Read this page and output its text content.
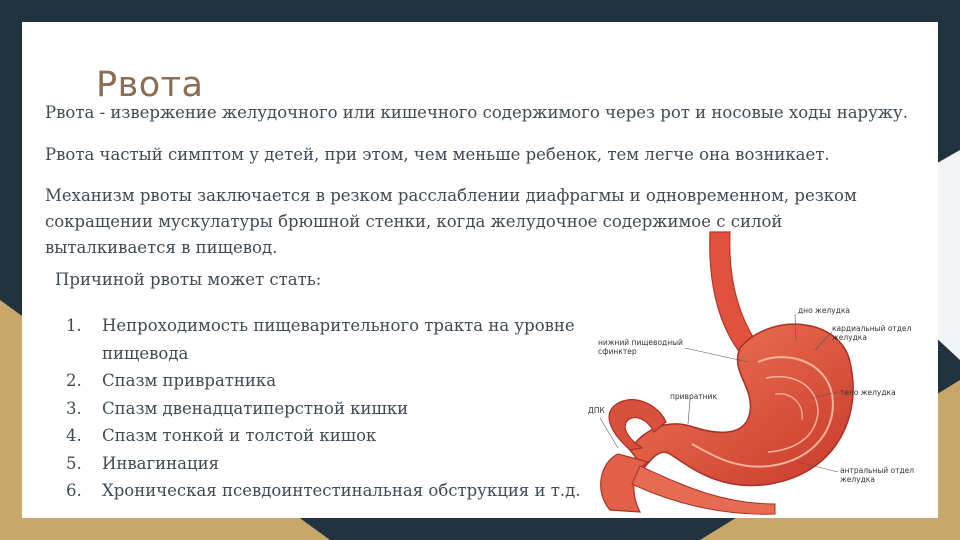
Рвота
Рвота - извержение желудочного или кишечного содержимого через рот и носовые ходы наружу.
Рвота частый симптом у детей, при этом, чем меньше ребенок, тем легче она возникает.
Механизм рвоты заключается в резком расслаблении диафрагмы и одновременном, резком сокращении мускулатуры брюшной стенки, когда желудочное содержимое с силой выталкивается в пищевод.
Причиной рвоты может стать:
1.	Непроходимость пищеварительного тракта на уровне пищевода
2.	Спазм привратника
3.	Спазм двенадцатиперстной кишки
4.	Спазм тонкой и толстой кишок
5.	Инвагинация
6.	Хроническая псевдоинтестинальная обструкция и т.д.
дно желудка
кардиальный отдел желудка
нижний пищеводный сфинктер
тело желудка
привратник
ДПК
антральный отдел желудка
